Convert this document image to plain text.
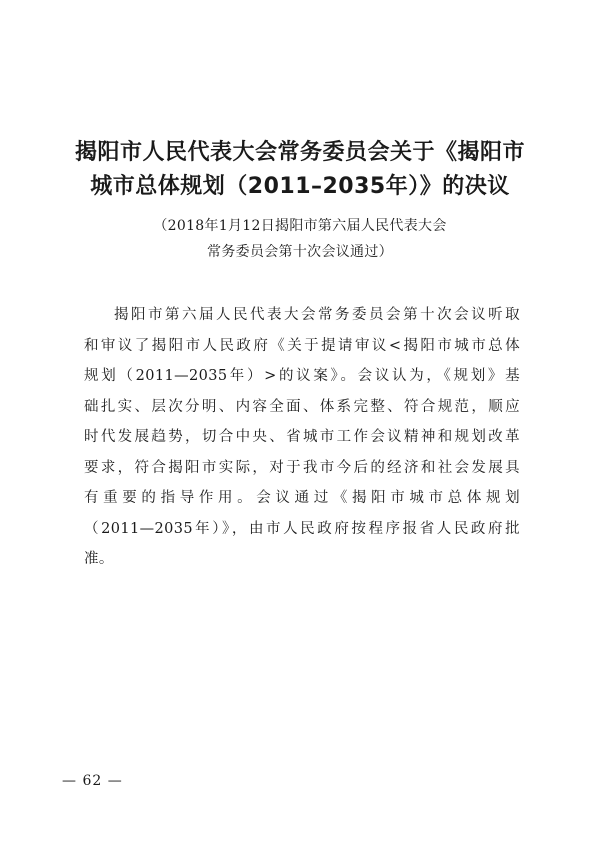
揭阳市人民代表大会常务委员会关于《揭阳市
城市总体规划（2011–2035年）》的决议

（2018年1月12日揭阳市第六届人民代表大会

常务委员会第十次会议通过）

揭阳市第六届人民代表大会常务委员会第十次会议听取
和审议了揭阳市人民政府《关于提请审议<揭阳市城市总体
规划（2011—2035年）>的议案》。会议认为，《规划》基
础扎实、层次分明、内容全面、体系完整、符合规范，顺应
时代发展趋势，切合中央、省城市工作会议精神和规划改革
要求，符合揭阳市实际，对于我市今后的经济和社会发展具
有重要的指导作用。会议通过《揭阳市城市总体规划
（2011—2035年）》，由市人民政府按程序报省人民政府批
准。
— 62 —
